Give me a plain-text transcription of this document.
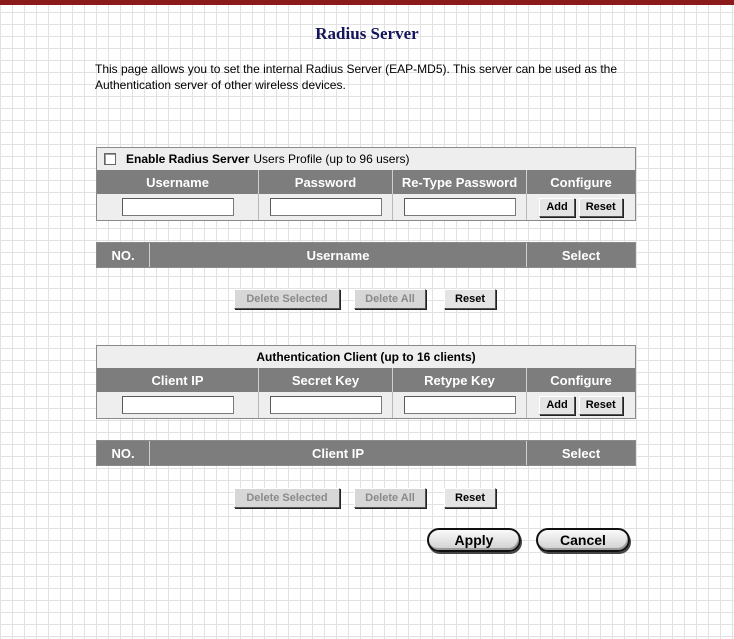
Radius Server
This page allows you to set the internal Radius Server (EAP-MD5). This server can be used as the Authentication server of other wireless devices.
Enable Radius Server Users Profile (up to 96 users)
Username	Password	Re-Type Password	Configure
Add	Reset
NO.	Username	Select
Delete Selected	Delete All	Reset
Authentication Client (up to 16 clients)
Client IP	Secret Key	Retype Key	Configure
Add	Reset
NO.	Client IP	Select
Delete Selected	Delete All	Reset
Apply	Cancel
